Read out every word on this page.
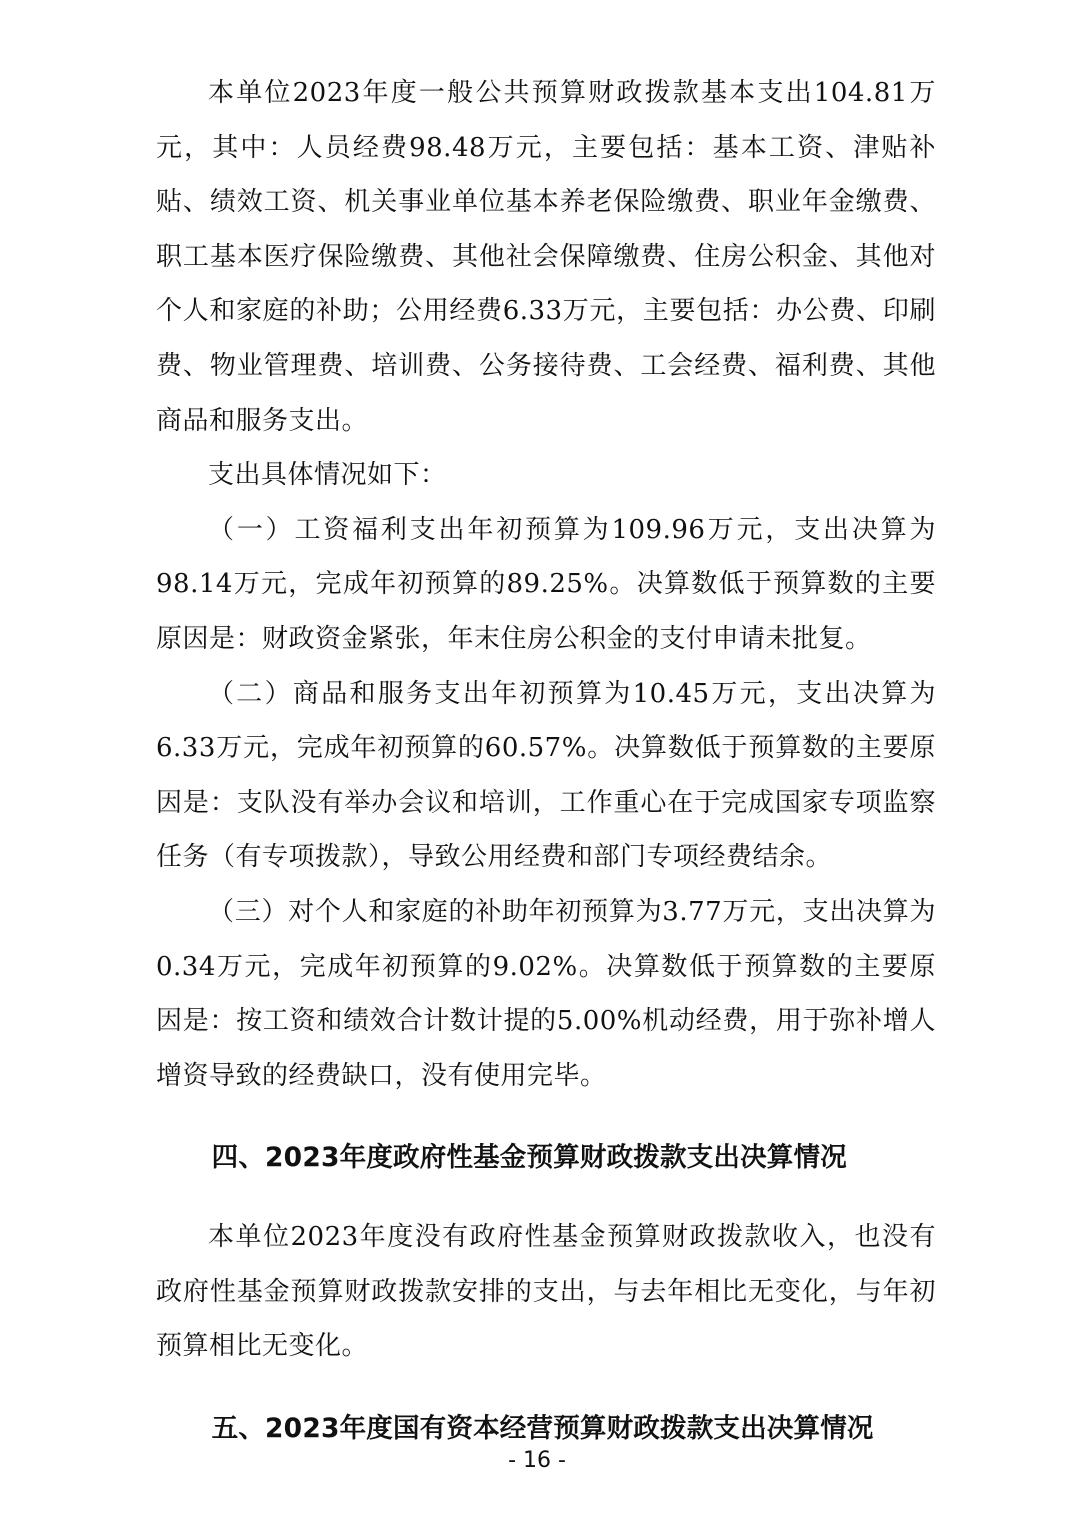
本单位2023年度一般公共预算财政拨款基本支出104.81万元，其中：人员经费98.48万元，主要包括：基本工资、津贴补贴、绩效工资、机关事业单位基本养老保险缴费、职业年金缴费、职工基本医疗保险缴费、其他社会保障缴费、住房公积金、其他对个人和家庭的补助；公用经费6.33万元，主要包括：办公费、印刷费、物业管理费、培训费、公务接待费、工会经费、福利费、其他商品和服务支出。

支出具体情况如下：

（一）工资福利支出年初预算为109.96万元，支出决算为98.14万元，完成年初预算的89.25%。决算数低于预算数的主要原因是：财政资金紧张，年末住房公积金的支付申请未批复。

（二）商品和服务支出年初预算为10.45万元，支出决算为6.33万元，完成年初预算的60.57%。决算数低于预算数的主要原因是：支队没有举办会议和培训，工作重心在于完成国家专项监察任务（有专项拨款），导致公用经费和部门专项经费结余。

（三）对个人和家庭的补助年初预算为3.77万元，支出决算为0.34万元，完成年初预算的9.02%。决算数低于预算数的主要原因是：按工资和绩效合计数计提的5.00%机动经费，用于弥补增人增资导致的经费缺口，没有使用完毕。

四、2023年度政府性基金预算财政拨款支出决算情况

本单位2023年度没有政府性基金预算财政拨款收入，也没有政府性基金预算财政拨款安排的支出，与去年相比无变化，与年初预算相比无变化。

五、2023年度国有资本经营预算财政拨款支出决算情况
- 16 -
